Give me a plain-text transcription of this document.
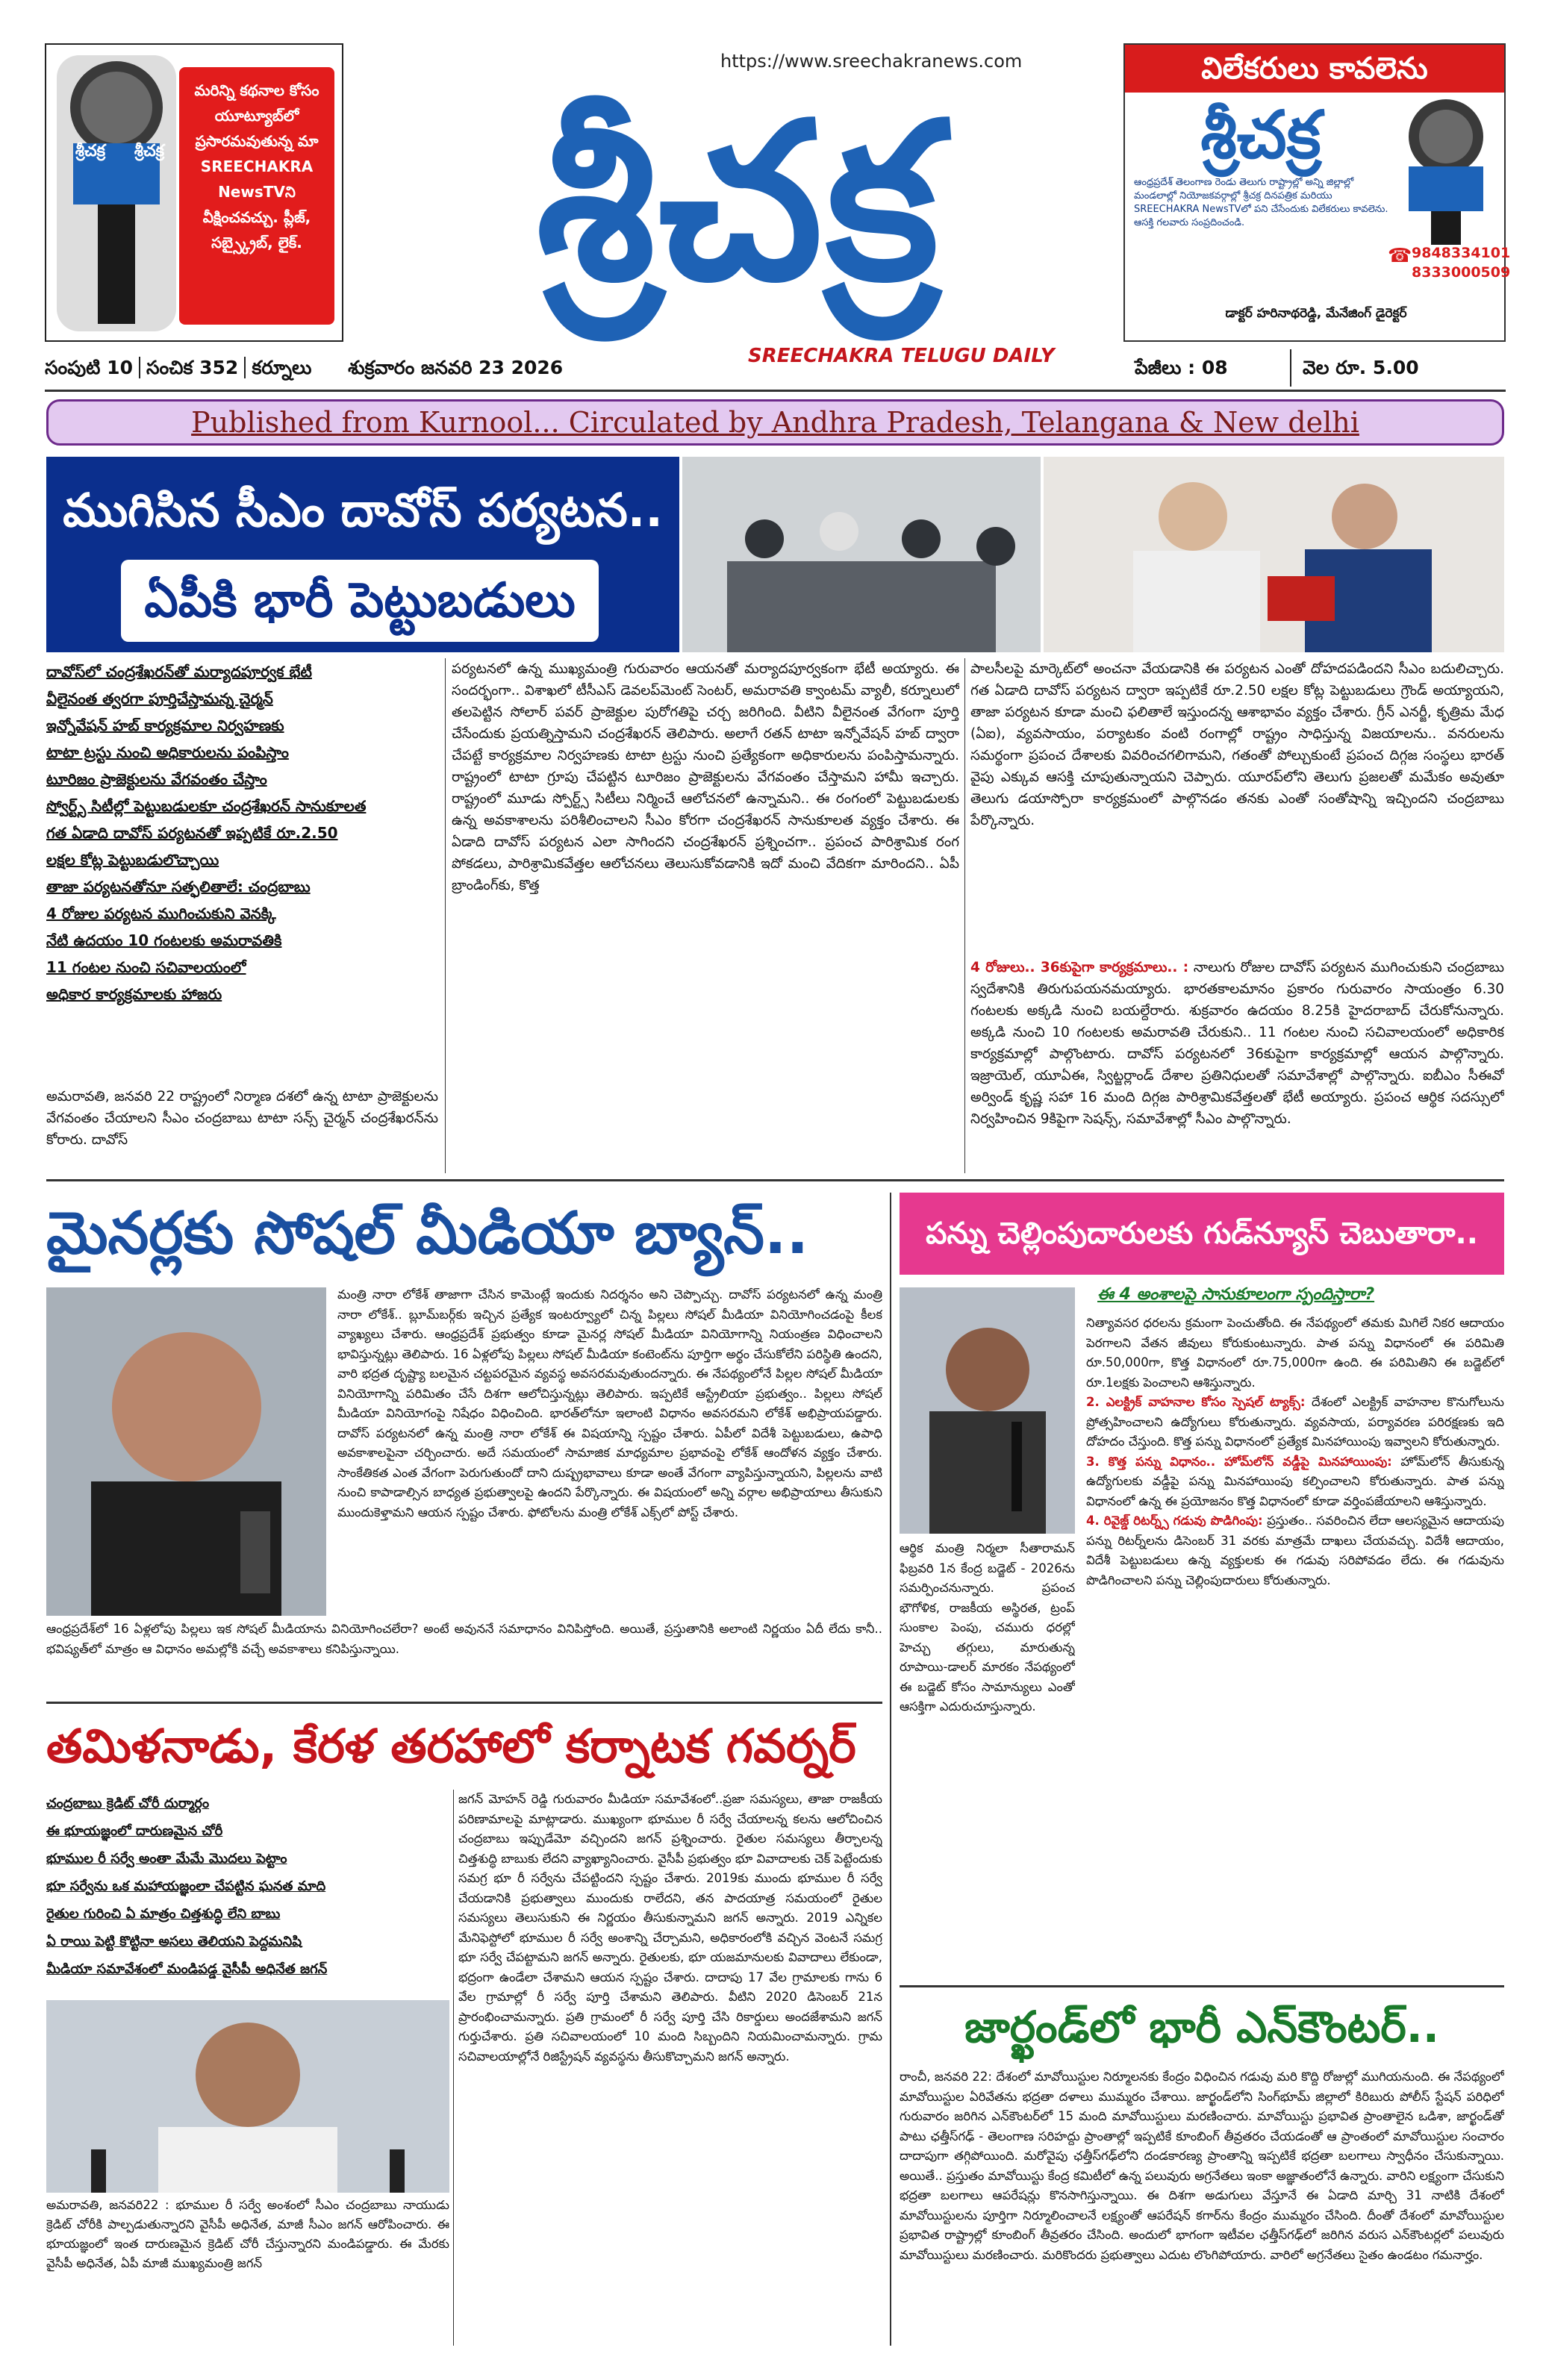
శ్రీచక్ర	శ్రీచక్ర
మరిన్ని కథనాల కోసం యూట్యూబ్‌లో ప్రసారమవుతున్న మా SREECHAKRA NewsTVని వీక్షించవచ్చు. ప్లీజ్, సబ్స్క్రైబ్, లైక్.
https://www.sreechakranews.com
శ్రీచక్ర
విలేకరులు కావలెను
శ్రీచక్ర
ఆంధ్రప్రదేశ్ తెలంగాణ రెండు తెలుగు రాష్ట్రాల్లో అన్ని జిల్లాల్లో మండలాల్లో నియోజకవర్గాల్లో శ్రీచక్ర దినపత్రిక మరియు SREECHAKRA NewsTVలో పని చేసేందుకు విలేకరులు కావలెను. ఆసక్తి గలవారు సంప్రదించండి.
☎ 9848334101
8333000509
డాక్టర్ హరినాథరెడ్డి, మేనేజింగ్ డైరెక్టర్
సంపుటి 10 సంచిక 352 కర్నూలు శుక్రవారం జనవరి 23 2026
SREECHAKRA TELUGU DAILY
పేజీలు : 08	వెల రూ. 5.00
Published from Kurnool... Circulated by Andhra Pradesh, Telangana & New delhi
ముగిసిన సీఎం దావోస్ పర్యటన..
ఏపీకి భారీ పెట్టుబడులు
దావోస్‌లో చంద్రశేఖరన్‌తో మర్యాదపూర్వక భేటీ
వీలైనంత త్వరగా పూర్తిచేస్తామన్న చైర్మన్
ఇన్నోవేషన్ హబ్ కార్యక్రమాల నిర్వహణకు
టాటా ట్రస్టు నుంచి అధికారులను పంపిస్తాం
టూరిజం ప్రాజెక్టులను వేగవంతం చేస్తాం
స్వోర్ట్స్ సిటీల్లో పెట్టుబడులకూ చంద్రశేఖరన్ సానుకూలత
గత ఏడాది దావోస్ పర్యటనతో ఇప్పటికే రూ.2.50
లక్షల కోట్ల పెట్టుబడులొచ్చాయి
తాజా పర్యటనతోనూ సత్ఫలితాలే: చంద్రబాబు
4 రోజుల పర్యటన ముగించుకుని వెనక్కి
నేటి ఉదయం 10 గంటలకు అమరావతికి
11 గంటల నుంచి సచివాలయంలో
అధికార కార్యక్రమాలకు హాజరు
అమరావతి, జనవరి 22 రాష్ట్రంలో నిర్మాణ దశలో ఉన్న టాటా ప్రాజెక్టులను వేగవంతం చేయాలని సీఎం చంద్రబాబు టాటా సన్స్ చైర్మన్ చంద్రశేఖరన్‌ను కోరారు. దావోస్
పర్యటనలో ఉన్న ముఖ్యమంత్రి గురువారం ఆయనతో మర్యాదపూర్వకంగా భేటీ అయ్యారు. ఈ సందర్భంగా.. విశాఖలో టీసీఎస్ డెవలప్‌మెంట్ సెంటర్, అమరావతి క్వాంటమ్ వ్యాలీ, కర్నూలులో తలపెట్టిన సోలార్ పవర్ ప్రాజెక్టుల పురోగతిపై చర్చ జరిగింది. వీటిని వీలైనంత వేగంగా పూర్తి చేసేందుకు ప్రయత్నిస్తామని చంద్రశేఖరన్ తెలిపారు. అలాగే రతన్ టాటా ఇన్నోవేషన్ హబ్ ద్వారా చేపట్టే కార్యక్రమాల నిర్వహణకు టాటా ట్రస్టు నుంచి ప్రత్యేకంగా అధికారులను పంపిస్తామన్నారు. రాష్ట్రంలో టాటా గ్రూపు చేపట్టిన టూరిజం ప్రాజెక్టులను వేగవంతం చేస్తామని హామీ ఇచ్చారు. రాష్ట్రంలో మూడు స్పోర్ట్స్ సిటీలు నిర్మించే ఆలోచనలో ఉన్నామని.. ఈ రంగంలో పెట్టుబడులకు ఉన్న అవకాశాలను పరిశీలించాలని సీఎం కోరగా చంద్రశేఖరన్ సానుకూలత వ్యక్తం చేశారు. ఈ ఏడాది దావోస్ పర్యటన ఎలా సాగిందని చంద్రశేఖరన్ ప్రశ్నించగా.. ప్రపంచ పారిశ్రామిక రంగ పోకడలు, పారిశ్రామికవేత్తల ఆలోచనలు తెలుసుకోవడానికి ఇదో మంచి వేదికగా మారిందని.. ఏపీ బ్రాండింగ్‌కు, కొత్త
పాలసీలపై మార్కెట్‌లో అంచనా వేయడానికి ఈ పర్యటన ఎంతో దోహదపడిందని సీఎం బదులిచ్చారు. గత ఏడాది దావోస్ పర్యటన ద్వారా ఇప్పటికే రూ.2.50 లక్షల కోట్ల పెట్టుబడులు గ్రౌండ్ అయ్యాయని, తాజా పర్యటన కూడా మంచి ఫలితాలే ఇస్తుందన్న ఆశాభావం వ్యక్తం చేశారు. గ్రీన్ ఎనర్జీ, కృత్రిమ మేధ (ఏఐ), వ్యవసాయం, పర్యాటకం వంటి రంగాల్లో రాష్ట్రం సాధిస్తున్న విజయాలను.. వనరులను సమర్థంగా ప్రపంచ దేశాలకు వివరించగలిగామని, గతంతో పోల్చుకుంటే ప్రపంచ దిగ్గజ సంస్థలు భారత్ వైపు ఎక్కువ ఆసక్తి చూపుతున్నాయని చెప్పారు. యూరప్‌లోని తెలుగు ప్రజలతో మమేకం అవుతూ తెలుగు డయాస్పోరా కార్యక్రమంలో పాల్గొనడం తనకు ఎంతో సంతోషాన్ని ఇచ్చిందని చంద్రబాబు పేర్కొన్నారు.
4 రోజులు.. 36కుపైగా కార్యక్రమాలు.. : నాలుగు రోజుల దావోస్ పర్యటన ముగించుకుని చంద్రబాబు స్వదేశానికి తిరుగుపయనమయ్యారు. భారతకాలమానం ప్రకారం గురువారం సాయంత్రం 6.30 గంటలకు అక్కడి నుంచి బయల్దేరారు. శుక్రవారం ఉదయం 8.25కి హైదరాబాద్ చేరుకోనున్నారు. అక్కడి నుంచి 10 గంటలకు అమరావతి చేరుకుని.. 11 గంటల నుంచి సచివాలయంలో అధికారిక కార్యక్రమాల్లో పాల్గొంటారు. దావోస్ పర్యటనలో 36కుపైగా కార్యక్రమాల్లో ఆయన పాల్గొన్నారు. ఇజ్రాయెల్, యూఏఈ, స్విట్జర్లాండ్ దేశాల ప్రతినిధులతో సమావేశాల్లో పాల్గొన్నారు. ఐబీఎం సీఈవో అర్విండ్ కృష్ణ సహా 16 మంది దిగ్గజ పారిశ్రామికవేత్తలతో భేటీ అయ్యారు. ప్రపంచ ఆర్థిక సదస్సులో నిర్వహించిన 9కిపైగా సెషన్స్, సమావేశాల్లో సీఎం పాల్గొన్నారు.
మైనర్లకు సోషల్ మీడియా బ్యాన్..
మంత్రి నారా లోకేశ్ తాజాగా చేసిన కామెంట్లే ఇందుకు నిదర్శనం అని చెప్పొచ్చు. దావోస్ పర్యటనలో ఉన్న మంత్రి నారా లోకేశ్.. బ్లూమ్‌బర్గ్‌కు ఇచ్చిన ప్రత్యేక ఇంటర్వ్యూలో చిన్న పిల్లలు సోషల్ మీడియా వినియోగించడంపై కీలక వ్యాఖ్యలు చేశారు. ఆంధ్రప్రదేశ్ ప్రభుత్వం కూడా మైనర్ల సోషల్ మీడియా వినియోగాన్ని నియంత్రణ విధించాలని భావిస్తున్నట్లు తెలిపారు. 16 ఏళ్లలోపు పిల్లలు సోషల్ మీడియా కంటెంట్‌ను పూర్తిగా అర్థం చేసుకోలేని పరిస్థితి ఉందని, వారి భద్రత దృష్ట్యా బలమైన చట్టపరమైన వ్యవస్థ అవసరమవుతుందన్నారు. ఈ నేపథ్యంలోనే పిల్లల సోషల్ మీడియా వినియోగాన్ని పరిమితం చేసే దిశగా ఆలోచిస్తున్నట్లు తెలిపారు. ఇప్పటికే ఆస్ట్రేలియా ప్రభుత్వం.. పిల్లలు సోషల్ మీడియా వినియోగంపై నిషేధం విధించింది. భారత్‌లోనూ ఇలాంటి విధానం అవసరమని లోకేశ్ అభిప్రాయపడ్డారు. దావోస్ పర్యటనలో ఉన్న మంత్రి నారా లోకేశ్ ఈ విషయాన్ని స్పష్టం చేశారు. ఏపీలో విదేశీ పెట్టుబడులు, ఉపాధి అవకాశాలపైనా చర్చించారు. అదే సమయంలో సామాజిక మాధ్యమాల ప్రభావంపై లోకేశ్ ఆందోళన వ్యక్తం చేశారు. సాంకేతికత ఎంత వేగంగా పెరుగుతుందో దాని దుష్ప్రభావాలు కూడా అంతే వేగంగా వ్యాపిస్తున్నాయని, పిల్లలను వాటి నుంచి కాపాడాల్సిన బాధ్యత ప్రభుత్వాలపై ఉందని పేర్కొన్నారు. ఈ విషయంలో అన్ని వర్గాల అభిప్రాయాలు తీసుకుని ముందుకెళ్తామని ఆయన స్పష్టం చేశారు. ఫోటోలను మంత్రి లోకేశ్ ఎక్స్‌లో పోస్ట్ చేశారు.
ఆంధ్రప్రదేశ్‌లో 16 ఏళ్లలోపు పిల్లలు ఇక సోషల్ మీడియాను వినియోగించలేరా? అంటే అవుననే సమాధానం వినిపిస్తోంది. అయితే, ప్రస్తుతానికి అలాంటి నిర్ణయం ఏదీ లేదు కానీ.. భవిష్యత్‌లో మాత్రం ఆ విధానం అమల్లోకి వచ్చే అవకాశాలు కనిపిస్తున్నాయి.
తమిళనాడు, కేరళ తరహాలో కర్నాటక గవర్నర్
చంద్రబాబు క్రెడిట్ చోరీ దుర్మార్గం
ఈ భూయజ్ఞంలో దారుణమైన చోరీ
భూముల రీ సర్వే అంతా మేమే మొదలు పెట్టాం
భూ సర్వేను ఒక మహాయజ్ఞంలా చేపట్టిన ఘనత మాది
రైతుల గురించి ఏ మాత్రం చిత్తశుద్ధి లేని బాబు
ఏ రాయి పెట్టి కొట్టినా అసలు తెలియని పెద్దమనిషి
మీడియా సమావేశంలో మండిపడ్డ వైసీపీ అధినేత జగన్
అమరావతి, జనవరి22 : భూముల రీ సర్వే అంశంలో సీఎం చంద్రబాబు నాయుడు క్రెడిట్ చోరీకి పాల్పడుతున్నారని వైసీపీ అధినేత, మాజీ సీఎం జగన్ ఆరోపించారు. ఈ భూయజ్ఞంలో ఇంత దారుణమైన క్రెడిట్ చోరీ చేస్తున్నారని మండిపడ్డారు. ఈ మేరకు వైసీపీ అధినేత, ఏపీ మాజీ ముఖ్యమంత్రి జగన్
జగన్ మోహన్ రెడ్డి గురువారం మీడియా సమావేశంలో..ప్రజా సమస్యలు, తాజా రాజకీయ పరిణామాలపై మాట్లాడారు. ముఖ్యంగా భూముల రీ సర్వే చేయాలన్న కలను ఆలోచించిన చంద్రబాబు ఇప్పుడేమో వచ్చిందని జగన్ ప్రశ్నించారు. రైతుల సమస్యలు తీర్చాలన్న చిత్తశుద్ధి బాబుకు లేదని వ్యాఖ్యానించారు. వైసీపీ ప్రభుత్వం భూ వివాదాలకు చెక్ పెట్టేందుకు సమగ్ర భూ రీ సర్వేను చేపట్టిందని స్పష్టం చేశారు. 2019కు ముందు భూముల రీ సర్వే చేయడానికి ప్రభుత్వాలు ముందుకు రాలేదని, తన పాదయాత్ర సమయంలో రైతుల సమస్యలు తెలుసుకుని ఈ నిర్ణయం తీసుకున్నామని జగన్ అన్నారు. 2019 ఎన్నికల మేనిఫెస్టోలో భూముల రీ సర్వే అంశాన్ని చేర్చామని, అధికారంలోకి వచ్చిన వెంటనే సమగ్ర భూ సర్వే చేపట్టామని జగన్ అన్నారు. రైతులకు, భూ యజమానులకు వివాదాలు లేకుండా, భద్రంగా ఉండేలా చేశామని ఆయన స్పష్టం చేశారు. దాదాపు 17 వేల గ్రామాలకు గాను 6 వేల గ్రామాల్లో రీ సర్వే పూర్తి చేశామని తెలిపారు. వీటిని 2020 డిసెంబర్ 21న ప్రారంభించామన్నారు. ప్రతి గ్రామంలో రీ సర్వే పూర్తి చేసి రికార్డులు అందజేశామని జగన్ గుర్తుచేశారు. ప్రతి సచివాలయంలో 10 మంది సిబ్బందిని నియమించామన్నారు. గ్రామ సచివాలయాల్లోనే రిజిస్ట్రేషన్ వ్యవస్థను తీసుకొచ్చామని జగన్ అన్నారు.
పన్ను చెల్లింపుదారులకు గుడ్‌న్యూస్ చెబుతారా..
ఆర్థిక మంత్రి నిర్మలా సీతారామన్ ఫిబ్రవరి 1న కేంద్ర బడ్జెట్‌ - 2026ను సమర్పించనున్నారు. ప్రపంచ భౌగోళిక, రాజకీయ అస్థిరత, ట్రంప్ సుంకాల పెంపు, చమురు ధరల్లో హెచ్చు తగ్గులు, మారుతున్న రూపాయి-డాలర్ మారకం నేపథ్యంలో ఈ బడ్జెట్ కోసం సామాన్యులు ఎంతో ఆసక్తిగా ఎదురుచూస్తున్నారు.
ఈ 4 అంశాలపై సానుకూలంగా స్పందిస్తారా?
నిత్యావసర ధరలను క్రమంగా పెంచుతోంది. ఈ నేపథ్యంలో తమకు మిగిలే నికర ఆదాయం పెరగాలని వేతన జీవులు కోరుకుంటున్నారు. పాత పన్ను విధానంలో ఈ పరిమితి రూ.50,000గా, కొత్త విధానంలో రూ.75,000గా ఉంది. ఈ పరిమితిని ఈ బడ్జెట్‌లో రూ.1లక్షకు పెంచాలని ఆశిస్తున్నారు.
2. ఎలక్ట్రిక్ వాహనాల కోసం స్పెషల్ ట్యాక్స్: దేశంలో ఎలక్ట్రిక్ వాహనాల కొనుగోలును ప్రోత్సహించాలని ఉద్యోగులు కోరుతున్నారు. వ్యవసాయ, పర్యావరణ పరిరక్షణకు ఇది దోహదం చేస్తుంది. కొత్త పన్ను విధానంలో ప్రత్యేక మినహాయింపు ఇవ్వాలని కోరుతున్నారు.
3. కొత్త పన్ను విధానం.. హోమ్‌లోన్ వడ్డీపై మినహాయింపు: హోమ్‌లోన్ తీసుకున్న ఉద్యోగులకు వడ్డీపై పన్ను మినహాయింపు కల్పించాలని కోరుతున్నారు. పాత పన్ను విధానంలో ఉన్న ఈ ప్రయోజనం కొత్త విధానంలో కూడా వర్తింపజేయాలని ఆశిస్తున్నారు.
4. రివైజ్డ్ రిటర్న్స్ గడువు పొడిగింపు: ప్రస్తుతం.. సవరించిన లేదా ఆలస్యమైన ఆదాయపు పన్ను రిటర్న్‌లను డిసెంబర్ 31 వరకు మాత్రమే దాఖలు చేయవచ్చు. విదేశీ ఆదాయం, విదేశీ పెట్టుబడులు ఉన్న వ్యక్తులకు ఈ గడువు సరిపోవడం లేదు. ఈ గడువును పొడిగించాలని పన్ను చెల్లింపుదారులు కోరుతున్నారు.
జార్ఖండ్‌లో భారీ ఎన్‌కౌంటర్..
రాంచీ, జనవరి 22: దేశంలో మావోయిస్టుల నిర్మూలనకు కేంద్రం విధించిన గడువు మరి కొద్ది రోజుల్లో ముగియనుంది. ఈ నేపథ్యంలో మావోయిస్టుల ఏరివేతను భద్రతా దళాలు ముమ్మరం చేశాయి. జార్ఖండ్‌లోని సింగ్‌భూమ్ జిల్లాలో కిరిబురు పోలీస్ స్టేషన్ పరిధిలో గురువారం జరిగిన ఎన్‌కౌంటర్‌లో 15 మంది మావోయిస్టులు మరణించారు. మావోయిస్టు ప్రభావిత ప్రాంతాలైన ఒడిశా, జార్ఖండ్‌తో పాటు ఛత్తీస్‌గఢ్ - తెలంగాణ సరిహద్దు ప్రాంతాల్లో ఇప్పటికే కూంబింగ్ తీవ్రతరం చేయడంతో ఆ ప్రాంతంలో మావోయిస్టుల సంచారం దాదాపుగా తగ్గిపోయింది. మరోవైపు ఛత్తీస్‌గఢ్‌లోని దండకారణ్య ప్రాంతాన్ని ఇప్పటికే భద్రతా బలగాలు స్వాధీనం చేసుకున్నాయి. అయితే.. ప్రస్తుతం మావోయిస్టు కేంద్ర కమిటీలో ఉన్న పలువురు అగ్రనేతలు ఇంకా అజ్ఞాతంలోనే ఉన్నారు. వారిని లక్ష్యంగా చేసుకుని భద్రతా బలగాలు ఆపరేషన్లు కొనసాగిస్తున్నాయి. ఈ దిశగా అడుగులు వేస్తూనే ఈ ఏడాది మార్చి 31 నాటికి దేశంలో మావోయిస్టులను పూర్తిగా నిర్మూలించాలనే లక్ష్యంతో ఆపరేషన్‌ కగార్‌ను కేంద్రం ముమ్మరం చేసింది. దీంతో దేశంలో మావోయిస్టుల ప్రభావిత రాష్ట్రాల్లో కూంబింగ్ తీవ్రతరం చేసింది. అందులో భాగంగా ఇటీవల ఛత్తీస్‌గఢ్‌లో జరిగిన వరుస ఎన్‌కౌంటర్లలో పలువురు మావోయిస్టులు మరణించారు. మరికొందరు ప్రభుత్వాలు ఎదుట లొంగిపోయారు. వారిలో అగ్రనేతలు సైతం ఉండటం గమనార్హం.
